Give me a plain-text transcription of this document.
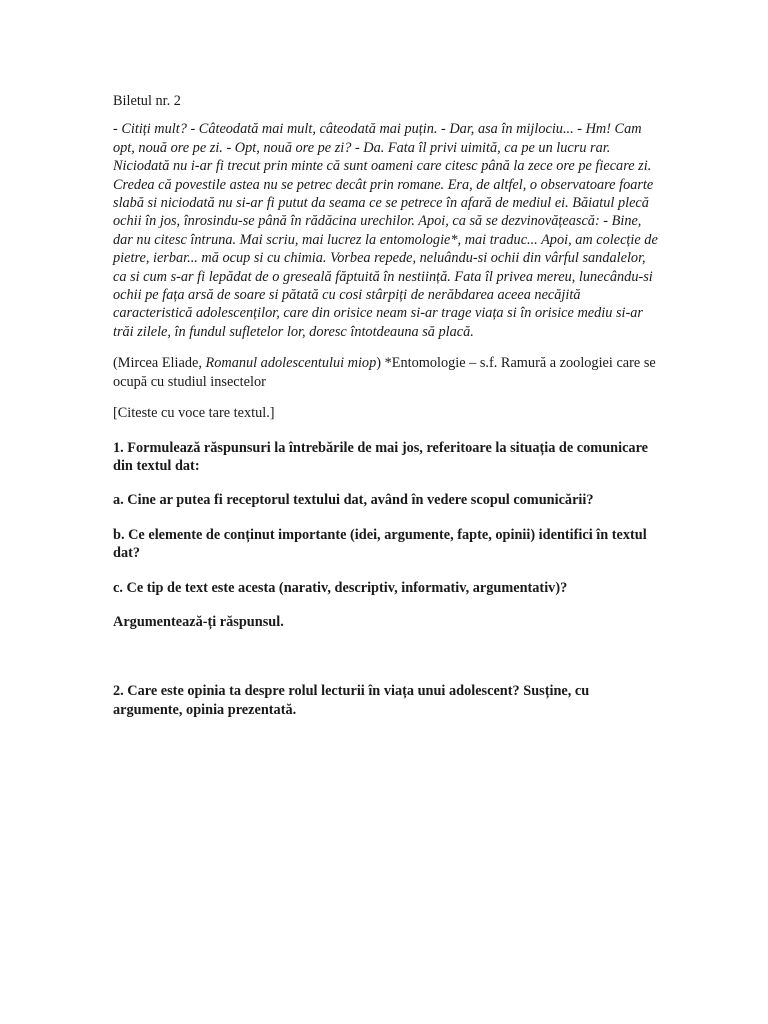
Biletul nr. 2

- Citiți mult? - Câteodată mai mult, câteodată mai puțin. - Dar, asa în mijlociu... - Hm! Cam opt, nouă ore pe zi. - Opt, nouă ore pe zi? - Da. Fata îl privi uimită, ca pe un lucru rar. Niciodată nu i-ar fi trecut prin minte că sunt oameni care citesc până la zece ore pe fiecare zi. Credea că povestile astea nu se petrec decât prin romane. Era, de altfel, o observatoare foarte slabă si niciodată nu si-ar fi putut da seama ce se petrece în afară de mediul ei. Băiatul plecă ochii în jos, înrosindu-se până în rădăcina urechilor. Apoi, ca să se dezvinovățească: - Bine, dar nu citesc întruna. Mai scriu, mai lucrez la entomologie*, mai traduc... Apoi, am colecție de pietre, ierbar... mă ocup si cu chimia. Vorbea repede, neluându-si ochii din vârful sandalelor, ca si cum s-ar fi lepădat de o greseală făptuită în nestiință. Fata îl privea mereu, lunecându-si ochii pe fața arsă de soare si pătată cu cosi stârpiți de nerăbdarea aceea necăjită caracteristică adolescenților, care din orisice neam si-ar trage viața si în orisice mediu si-ar trăi zilele, în fundul sufletelor lor, doresc întotdeauna să placă.

(Mircea Eliade, Romanul adolescentului miop) *Entomologie – s.f. Ramură a zoologiei care se ocupă cu studiul insectelor

[Citeste cu voce tare textul.]

1. Formulează răspunsuri la întrebările de mai jos, referitoare la situația de comunicare din textul dat:

a. Cine ar putea fi receptorul textului dat, având în vedere scopul comunicării?

b. Ce elemente de conținut importante (idei, argumente, fapte, opinii) identifici în textul dat?

c. Ce tip de text este acesta (narativ, descriptiv, informativ, argumentativ)?

Argumentează-ți răspunsul.

2. Care este opinia ta despre rolul lecturii în viața unui adolescent? Susține, cu argumente, opinia prezentată.
